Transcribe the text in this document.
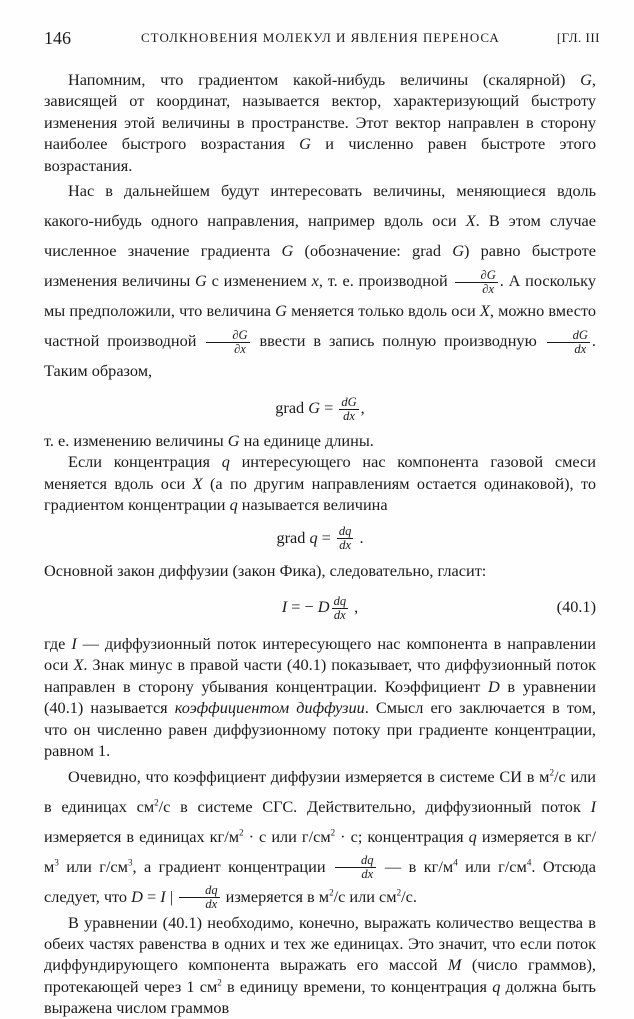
146	СТОЛКНОВЕНИЯ МОЛЕКУЛ И ЯВЛЕНИЯ ПЕРЕНОСА	[ГЛ. III

Напомним, что градиентом какой-нибудь величины (скалярной) G, зависящей от координат, называется вектор, характеризующий быстроту изменения этой величины в пространстве. Этот вектор направлен в сторону наиболее быстрого возрастания G и численно равен быстроте этого возрастания.

Нас в дальнейшем будут интересовать величины, меняющиеся вдоль какого-нибудь одного направления, например вдоль оси X. В этом случае численное значение градиента G (обозначение: grad G) равно быстроте изменения величины G с изменением x, т. е. производной $\frac{\partial G}{\partial x}$ . А поскольку мы предположили, что величина G меняется только вдоль оси X, можно вместо частной производной $\frac{\partial G}{\partial x}$ ввести в запись полную производную $\frac{dG}{dx}$ . Таким образом,

grad $G = \frac{dG}{dx}$ ,

т. е. изменению величины G на единице длины.

Если концентрация q интересующего нас компонента газовой смеси меняется вдоль оси X (а по другим направлениям остается одинаковой), то градиентом концентрации q называется величина

grad $q = \frac{dq}{dx}$ .

Основной закон диффузии (закон Фика), следовательно, гласит:

I = − D $\frac{dq}{dx}$ ,	(40.1)

где I — диффузионный поток интересующего нас компонента в направлении оси X. Знак минус в правой части (40.1) показывает, что диффузионный поток направлен в сторону убывания концентрации. Коэффициент D в уравнении (40.1) называется коэффициентом диффузии. Смысл его заключается в том, что он численно равен диффузионному потоку при градиенте концентрации, равном 1.

Очевидно, что коэффициент диффузии измеряется в системе СИ в $м^2/с$ или в единицах $см^2/с$ в системе СГС. Действительно, диффузионный поток I измеряется в единицах $кг/м^2 \cdot с$ или $г/см^2 \cdot с$; концентрация q измеряется в $кг/м^3$ или $г/см^3$, а градиент концентрации $\frac{dq}{dx}$ — в $кг/м^4$ или $г/см^4$. Отсюда следует, что D = I | $\frac{dq}{dx}$ измеряется в $м^2/с$ или $см^2/с$.

В уравнении (40.1) необходимо, конечно, выражать количество вещества в обеих частях равенства в одних и тех же единицах. Это значит, что если поток диффундирующего компонента выражать его массой M (число граммов), протекающей через 1 $см^2$ в единицу времени, то концентрация q должна быть выражена числом граммов
